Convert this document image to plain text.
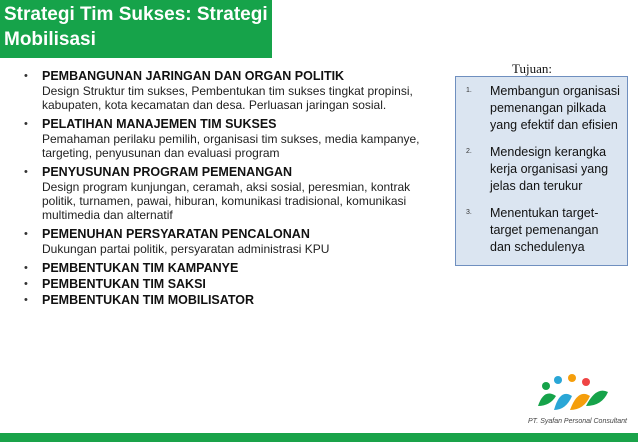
Strategi Tim Sukses: Strategi Mobilisasi
• PEMBANGUNAN JARINGAN DAN ORGAN POLITIK
Design Struktur tim sukses, Pembentukan tim sukses tingkat propinsi, kabupaten, kota kecamatan dan desa. Perluasan jaringan sosial.
• PELATIHAN MANAJEMEN TIM SUKSES
Pemahaman perilaku pemilih, organisasi tim sukses, media kampanye, targeting, penyusunan dan evaluasi program
• PENYUSUNAN PROGRAM PEMENANGAN
Design program kunjungan, ceramah, aksi sosial, peresmian, kontrak politik, turnamen, pawai, hiburan, komunikasi tradisional, komunikasi multimedia dan alternatif
• PEMENUHAN PERSYARATAN PENCALONAN
Dukungan partai politik, persyaratan administrasi KPU
• PEMBENTUKAN TIM KAMPANYE
• PEMBENTUKAN TIM SAKSI
• PEMBENTUKAN TIM MOBILISATOR
Tujuan:
1. Membangun organisasi pemenangan pilkada yang efektif dan efisien
2. Mendesign kerangka kerja organisasi yang jelas dan terukur
3. Menentukan target-target pemenangan dan schedulenya
PT. Syafan Personal Consultant
